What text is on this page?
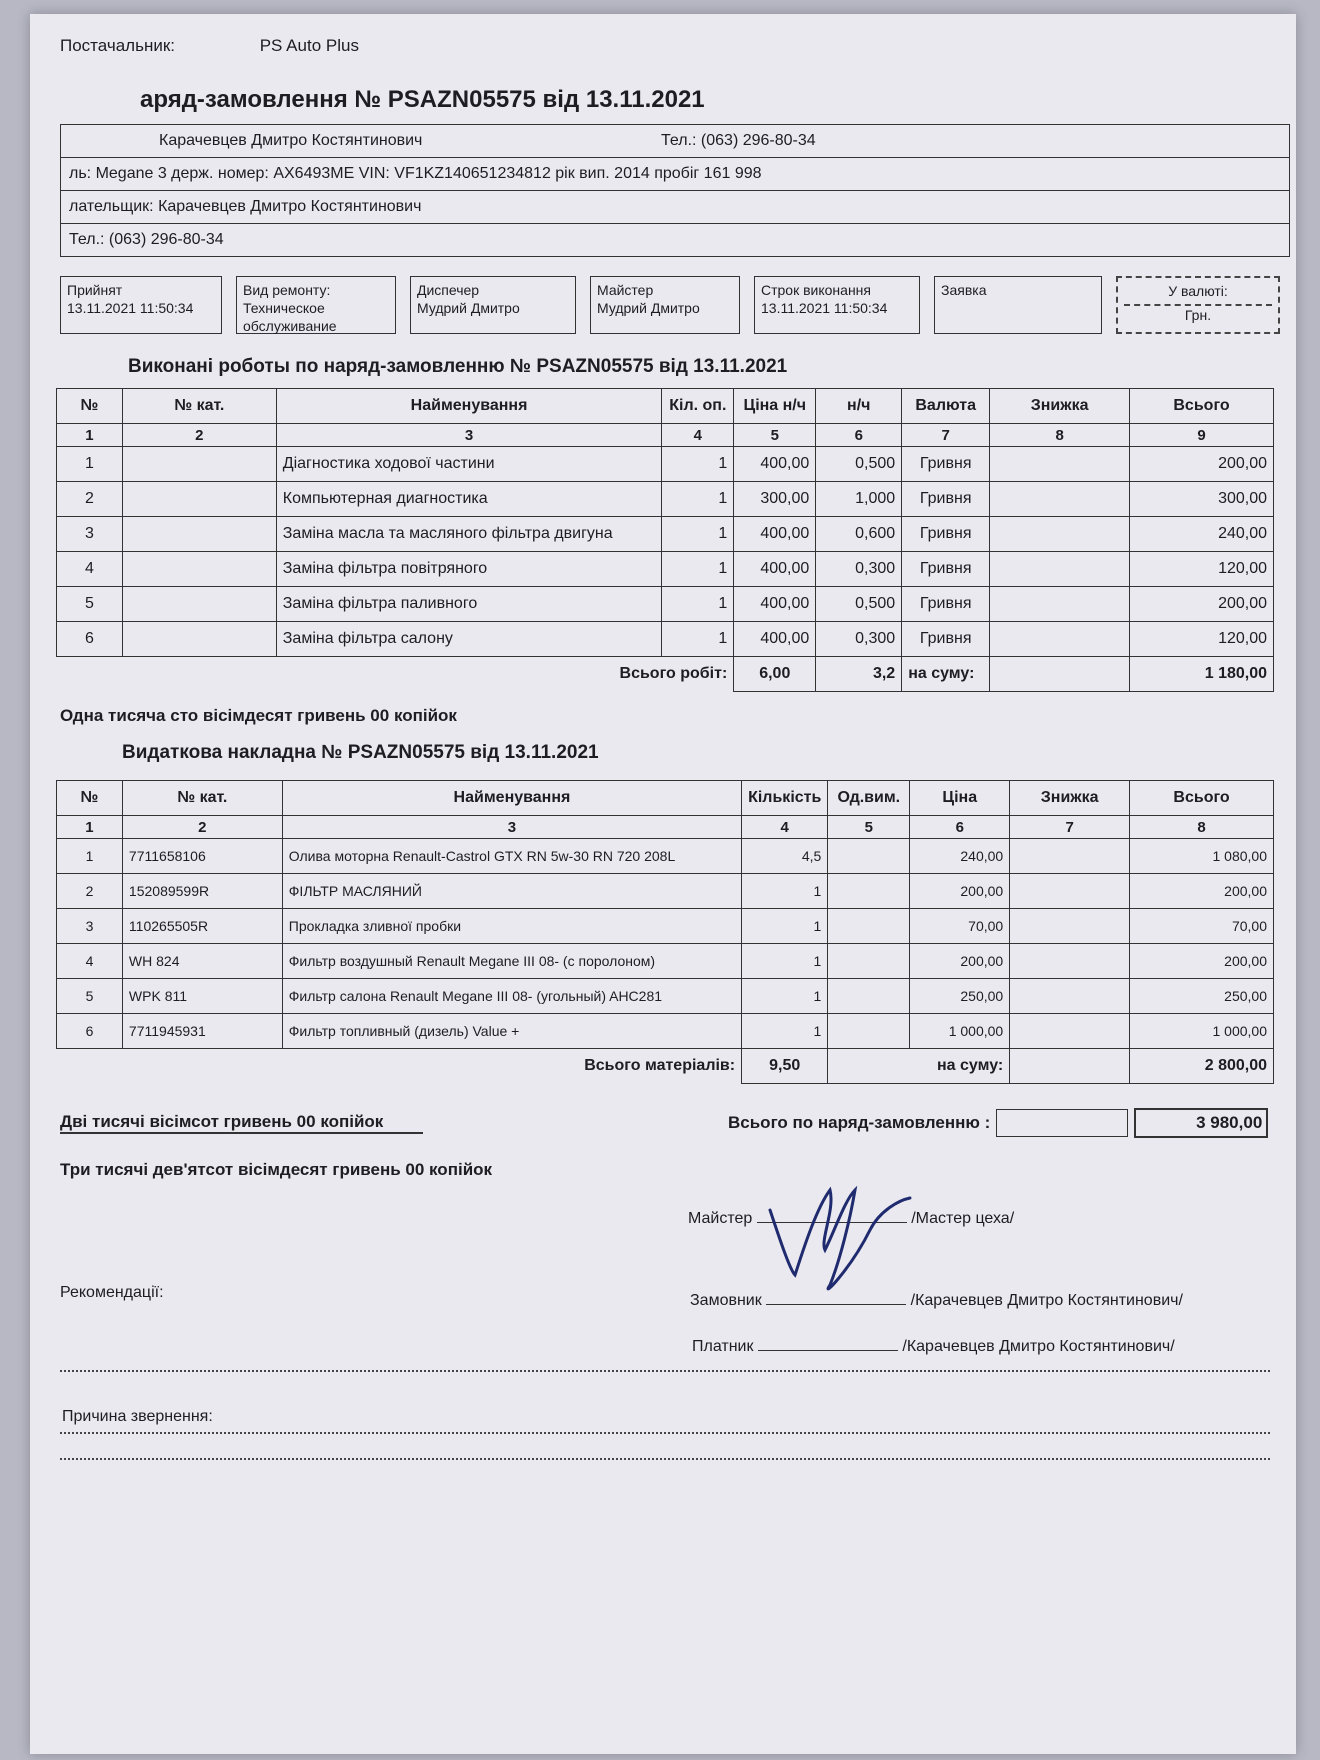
Постачальник:	PS Auto Plus
аряд-замовлення № PSAZN05575 від 13.11.2021
Карачевцев Дмитро Костянтинович	Тел.: (063) 296-80-34
ль: Megane 3 держ. номер: AX6493ME VIN: VF1KZ140651234812 рік вип. 2014 пробіг 161 998
лательщик: Карачевцев Дмитро Костянтинович
Тел.: (063) 296-80-34
Прийнят
13.11.2021 11:50:34
Вид ремонту:
Техническое обслуживание
Диспечер
Мудрий Дмитро
Майстер
Мудрий Дмитро
Строк виконання
13.11.2021 11:50:34
Заявка	У валюті:
Грн.
Виконані роботы по наряд-замовленню № PSAZN05575 від 13.11.2021
№	№ кат.	Найменування	Кіл. оп.	Ціна н/ч	н/ч	Валюта	Знижка	Всього
1	2	3	4	5	6	7	8	9
1		Діагностика ходової частини	1	400,00	0,500	Гривня		200,00
2		Компьютерная диагностика	1	300,00	1,000	Гривня		300,00
3		Заміна масла та масляного фільтра двигуна	1	400,00	0,600	Гривня		240,00
4		Заміна фільтра повітряного	1	400,00	0,300	Гривня		120,00
5		Заміна фільтра паливного	1	400,00	0,500	Гривня		200,00
6		Заміна фільтра салону	1	400,00	0,300	Гривня		120,00
Всього робіт:				6,00	3,2	на суму:		1 180,00
Одна тисяча сто вісімдесят гривень 00 копійок
Видаткова накладна № PSAZN05575 від 13.11.2021
№	№ кат.	Найменування	Кількість	Од.вим.	Ціна	Знижка	Всього
1	2	3	4	5	6	7	8
1	7711658106	Олива моторна Renault-Castrol GTX RN 5w-30 RN 720 208L	4,5		240,00		1 080,00
2	152089599R	ФІЛЬТР МАСЛЯНИЙ	1		200,00		200,00
3	110265505R	Прокладка зливної пробки	1		70,00		70,00
4	WH 824	Фильтр воздушный Renault Megane III 08- (с поролоном)	1		200,00		200,00
5	WPK 811	Фильтр салона Renault Megane III 08- (угольный) AHC281	1		250,00		250,00
6	7711945931	Фильтр топливный (дизель) Value +	1		1 000,00		1 000,00
Всього матеріалів:			9,50	на суму:			2 800,00
Дві тисячі вісімсот гривень 00 копійок	Всього по наряд-замовленню :	3 980,00
Три тисячі дев'ятсот вісімдесят гривень 00 копійок
Майстер	/Мастер цеха/
Рекомендації:	Замовник	/Карачевцев Дмитро Костянтинович/
Платник	/Карачевцев Дмитро Костянтинович/
Причина звернення:
